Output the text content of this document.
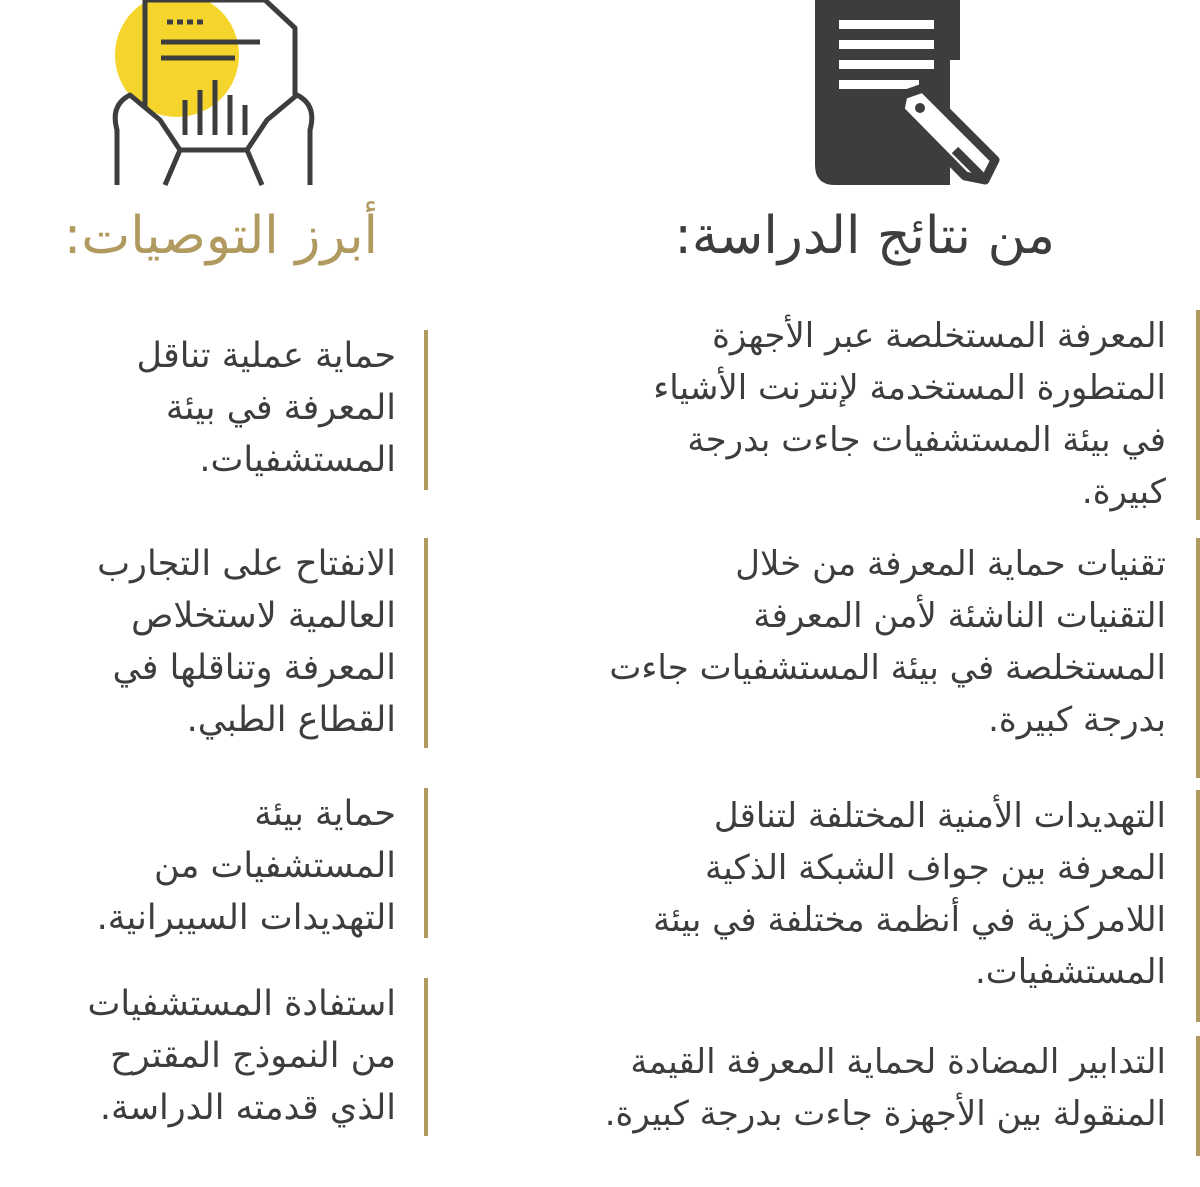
من نتائج الدراسة:
أبرز التوصيات:
المعرفة المستخلصة عبر الأجهزة
المتطورة المستخدمة لإنترنت الأشياء
في بيئة المستشفيات جاءت بدرجة
كبيرة.
تقنيات حماية المعرفة من خلال
التقنيات الناشئة لأمن المعرفة
المستخلصة في بيئة المستشفيات جاءت
بدرجة كبيرة.
التهديدات الأمنية المختلفة لتناقل
المعرفة بين جواف الشبكة الذكية
اللامركزية في أنظمة مختلفة في بيئة
المستشفيات.
التدابير المضادة لحماية المعرفة القيمة
المنقولة بين الأجهزة جاءت بدرجة كبيرة.
حماية عملية تناقل
المعرفة في بيئة
المستشفيات.
الانفتاح على التجارب
العالمية لاستخلاص
المعرفة وتناقلها في
القطاع الطبي.
حماية بيئة
المستشفيات من
التهديدات السيبرانية.
استفادة المستشفيات
من النموذج المقترح
الذي قدمته الدراسة.
